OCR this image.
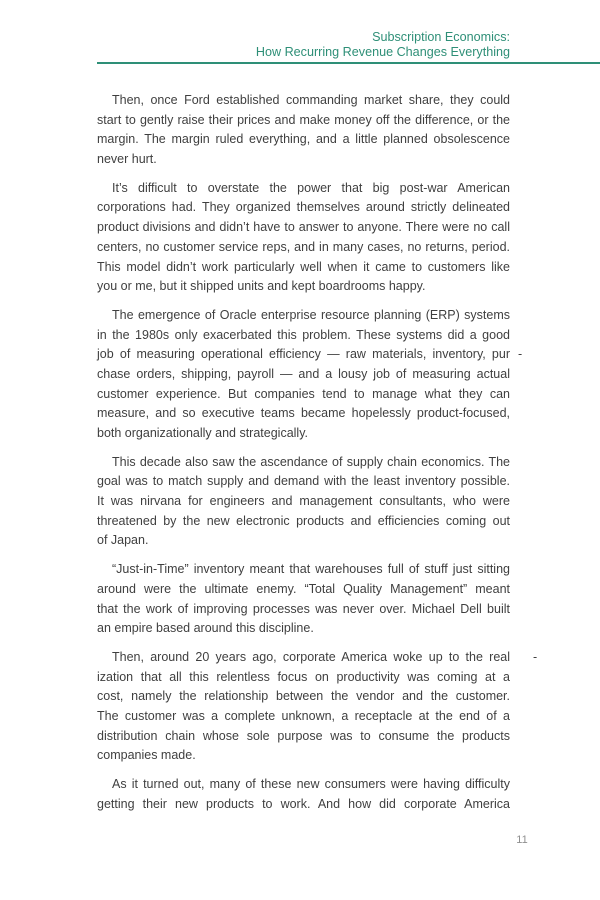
Subscription Economics:
How Recurring Revenue Changes Everything
Then, once Ford established commanding market share, they could
start to gently raise their prices and make money off the difference, or the
margin. The margin ruled everything, and a little planned obsolescence
never hurt.
It’s difficult to overstate the power that big post-war American
corporations had. They organized themselves around strictly delineated
product divisions and didn’t have to answer to anyone. There were no call
centers, no customer service reps, and in many cases, no returns, period.
This model didn’t work particularly well when it came to customers like
you or me, but it shipped units and kept boardrooms happy.
The emergence of Oracle enterprise resource planning (ERP) systems
in the 1980s only exacerbated this problem. These systems did a good
job of measuring operational efficiency — raw materials, inventory, pur -
chase orders, shipping, payroll — and a lousy job of measuring actual
customer experience. But companies tend to manage what they can
measure, and so executive teams became hopelessly product-focused,
both organizationally and strategically.
This decade also saw the ascendance of supply chain economics. The
goal was to match supply and demand with the least inventory possible.
It was nirvana for engineers and management consultants, who were
threatened by the new electronic products and efficiencies coming out
of Japan.
“Just-in-Time” inventory meant that warehouses full of stuff just sitting
around were the ultimate enemy. “Total Quality Management” meant
that the work of improving processes was never over. Michael Dell built
an empire based around this discipline.
Then, around 20 years ago, corporate America woke up to the real	-
ization that all this relentless focus on productivity was coming at a
cost, namely the relationship between the vendor and the customer.
The customer was a complete unknown, a receptacle at the end of a
distribution chain whose sole purpose was to consume the products
companies made.
As it turned out, many of these new consumers were having difficulty
getting their new products to work. And how did corporate America
11
